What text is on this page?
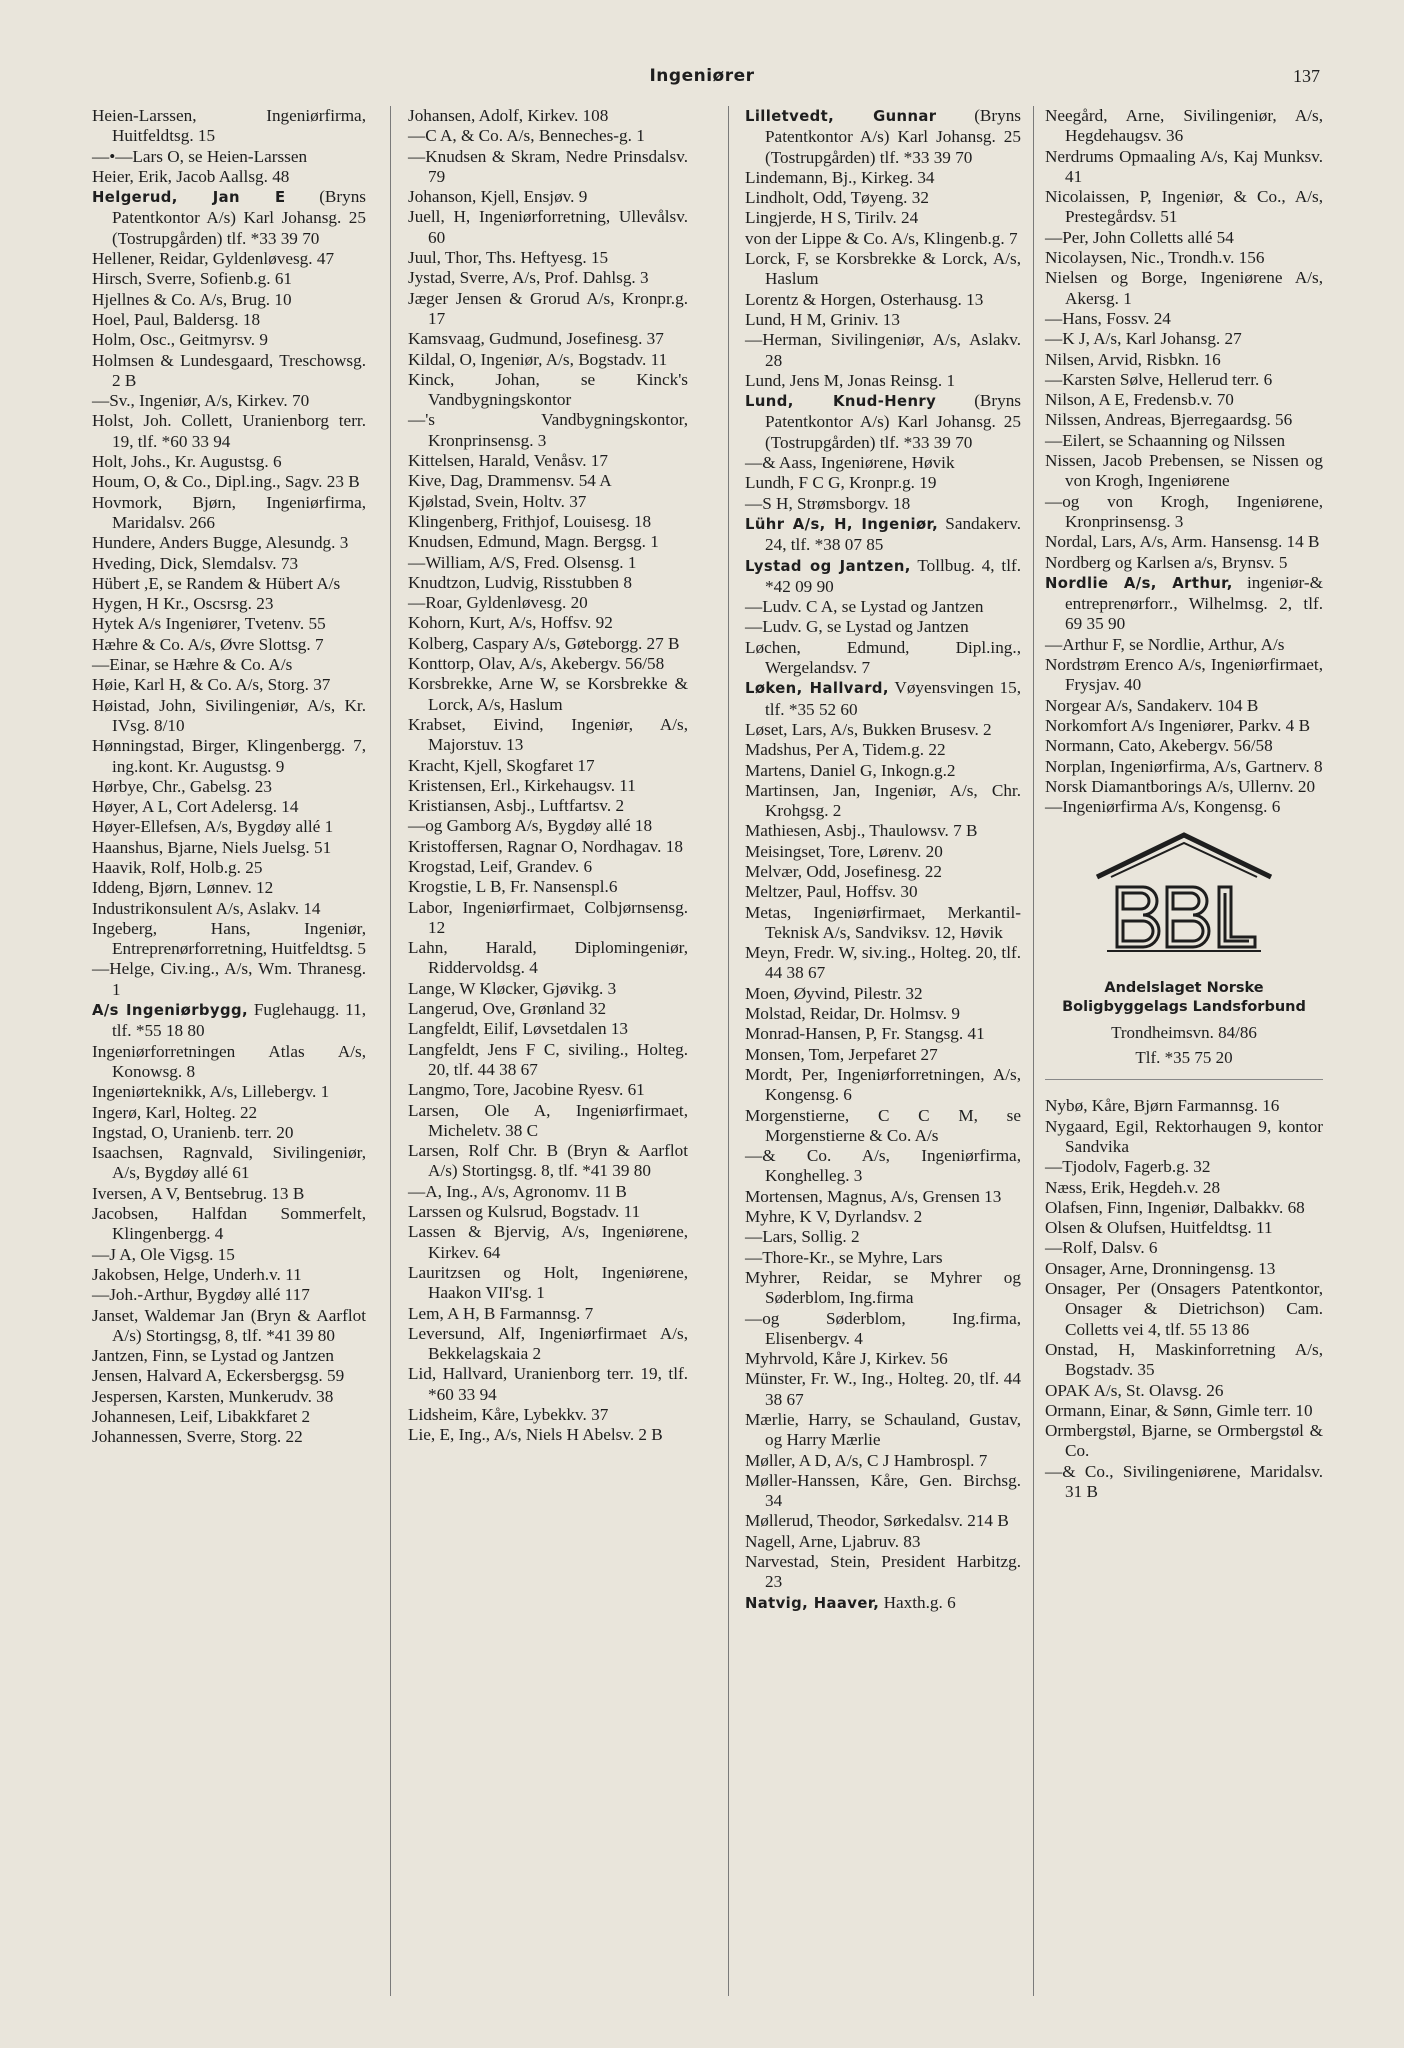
Ingeniører	137
Heien-Larssen, Ingeniørfirma, Huitfeldtsg. 15
—•—Lars O, se Heien-Larssen
Heier, Erik, Jacob Aallsg. 48
Helgerud, Jan E (Bryns Patentkontor A/s) Karl Johansg. 25 (Tostrupgården) tlf. *33 39 70
Hellener, Reidar, Gyldenløvesg. 47
Hirsch, Sverre, Sofienb.g. 61
Hjellnes & Co. A/s, Brug. 10
Hoel, Paul, Baldersg. 18
Holm, Osc., Geitmyrsv. 9
Holmsen & Lundesgaard, Treschowsg. 2 B
—Sv., Ingeniør, A/s, Kirkev. 70
Holst, Joh. Collett, Uranienborg terr. 19, tlf. *60 33 94
Holt, Johs., Kr. Augustsg. 6
Houm, O, & Co., Dipl.ing., Sagv. 23 B
Hovmork, Bjørn, Ingeniørfirma, Maridalsv. 266
Hundere, Anders Bugge, Alesundg. 3
Hveding, Dick, Slemdalsv. 73
Hübert ,E, se Randem & Hübert A/s
Hygen, H Kr., Oscsrsg. 23
Hytek A/s Ingeniører, Tvetenv. 55
Hæhre & Co. A/s, Øvre Slottsg. 7
—Einar, se Hæhre & Co. A/s
Høie, Karl H, & Co. A/s, Storg. 37
Høistad, John, Sivilingeniør, A/s, Kr. IVsg. 8/10
Hønningstad, Birger, Klingenbergg. 7, ing.kont. Kr. Augustsg. 9
Hørbye, Chr., Gabelsg. 23
Høyer, A L, Cort Adelersg. 14
Høyer-Ellefsen, A/s, Bygdøy allé 1
Haanshus, Bjarne, Niels Juelsg. 51
Haavik, Rolf, Holb.g. 25
Iddeng, Bjørn, Lønnev. 12
Industrikonsulent A/s, Aslakv. 14
Ingeberg, Hans, Ingeniør, Entreprenørforretning, Huitfeldtsg. 5
—Helge, Civ.ing., A/s, Wm. Thranesg. 1
A/s Ingeniørbygg, Fuglehaugg. 11, tlf. *55 18 80
Ingeniørforretningen Atlas A/s, Konowsg. 8
Ingeniørteknikk, A/s, Lillebergv. 1
Ingerø, Karl, Holteg. 22
Ingstad, O, Uranienb. terr. 20
Isaachsen, Ragnvald, Sivilingeniør, A/s, Bygdøy allé 61
Iversen, A V, Bentsebrug. 13 B
Jacobsen, Halfdan Sommerfelt, Klingenbergg. 4
—J A, Ole Vigsg. 15
Jakobsen, Helge, Underh.v. 11
—Joh.-Arthur, Bygdøy allé 117
Janset, Waldemar Jan (Bryn & Aarflot A/s) Stortingsg, 8, tlf. *41 39 80
Jantzen, Finn, se Lystad og Jantzen
Jensen, Halvard A, Eckersbergsg. 59
Jespersen, Karsten, Munkerudv. 38
Johannesen, Leif, Libakkfaret 2
Johannessen, Sverre, Storg. 22
Johansen, Adolf, Kirkev. 108
—C A, & Co. A/s, Benneches-g. 1
—Knudsen & Skram, Nedre Prinsdalsv. 79
Johanson, Kjell, Ensjøv. 9
Juell, H, Ingeniørforretning, Ullevålsv. 60
Juul, Thor, Ths. Heftyesg. 15
Jystad, Sverre, A/s, Prof. Dahlsg. 3
Jæger Jensen & Grorud A/s, Kronpr.g. 17
Kamsvaag, Gudmund, Josefinesg. 37
Kildal, O, Ingeniør, A/s, Bogstadv. 11
Kinck, Johan, se Kinck's Vandbygningskontor
—'s Vandbygningskontor, Kronprinsensg. 3
Kittelsen, Harald, Venåsv. 17
Kive, Dag, Drammensv. 54 A
Kjølstad, Svein, Holtv. 37
Klingenberg, Frithjof, Louisesg. 18
Knudsen, Edmund, Magn. Bergsg. 1
—William, A/S, Fred. Olsensg. 1
Knudtzon, Ludvig, Risstubben 8
—Roar, Gyldenløvesg. 20
Kohorn, Kurt, A/s, Hoffsv. 92
Kolberg, Caspary A/s, Gøteborgg. 27 B
Konttorp, Olav, A/s, Akebergv. 56/58
Korsbrekke, Arne W, se Korsbrekke & Lorck, A/s, Haslum
Krabset, Eivind, Ingeniør, A/s, Majorstuv. 13
Kracht, Kjell, Skogfaret 17
Kristensen, Erl., Kirkehaugsv. 11
Kristiansen, Asbj., Luftfartsv. 2
—og Gamborg A/s, Bygdøy allé 18
Kristoffersen, Ragnar O, Nordhagav. 18
Krogstad, Leif, Grandev. 6
Krogstie, L B, Fr. Nansenspl.6
Labor, Ingeniørfirmaet, Colbjørnsensg. 12
Lahn, Harald, Diplomingeniør, Riddervoldsg. 4
Lange, W Kløcker, Gjøvikg. 3
Langerud, Ove, Grønland 32
Langfeldt, Eilif, Løvsetdalen 13
Langfeldt, Jens F C, siviling., Holteg. 20, tlf. 44 38 67
Langmo, Tore, Jacobine Ryesv. 61
Larsen, Ole A, Ingeniørfirmaet, Micheletv. 38 C
Larsen, Rolf Chr. B (Bryn & Aarflot A/s) Stortingsg. 8, tlf. *41 39 80
—A, Ing., A/s, Agronomv. 11 B
Larssen og Kulsrud, Bogstadv. 11
Lassen & Bjervig, A/s, Ingeniørene, Kirkev. 64
Lauritzsen og Holt, Ingeniørene, Haakon VII'sg. 1
Lem, A H, B Farmannsg. 7
Leversund, Alf, Ingeniørfirmaet A/s, Bekkelagskaia 2
Lid, Hallvard, Uranienborg terr. 19, tlf. *60 33 94
Lidsheim, Kåre, Lybekkv. 37
Lie, E, Ing., A/s, Niels H Abelsv. 2 B
Lilletvedt, Gunnar (Bryns Patentkontor A/s) Karl Johansg. 25 (Tostrupgården) tlf. *33 39 70
Lindemann, Bj., Kirkeg. 34
Lindholt, Odd, Tøyeng. 32
Lingjerde, H S, Tirilv. 24
von der Lippe & Co. A/s, Klingenb.g. 7
Lorck, F, se Korsbrekke & Lorck, A/s, Haslum
Lorentz & Horgen, Osterhausg. 13
Lund, H M, Griniv. 13
—Herman, Sivilingeniør, A/s, Aslakv. 28
Lund, Jens M, Jonas Reinsg. 1
Lund, Knud-Henry (Bryns Patentkontor A/s) Karl Johansg. 25 (Tostrupgården) tlf. *33 39 70
—& Aass, Ingeniørene, Høvik
Lundh, F C G, Kronpr.g. 19
—S H, Strømsborgv. 18
Lühr A/s, H, Ingeniør, Sandakerv. 24, tlf. *38 07 85
Lystad og Jantzen, Tollbug. 4, tlf. *42 09 90
—Ludv. C A, se Lystad og Jantzen
—Ludv. G, se Lystad og Jantzen
Løchen, Edmund, Dipl.ing., Wergelandsv. 7
Løken, Hallvard, Vøyensvingen 15, tlf. *35 52 60
Løset, Lars, A/s, Bukken Brusesv. 2
Madshus, Per A, Tidem.g. 22
Martens, Daniel G, Inkogn.g.2
Martinsen, Jan, Ingeniør, A/s, Chr. Krohgsg. 2
Mathiesen, Asbj., Thaulowsv. 7 B
Meisingset, Tore, Lørenv. 20
Melvær, Odd, Josefinesg. 22
Meltzer, Paul, Hoffsv. 30
Metas, Ingeniørfirmaet, Merkantil-Teknisk A/s, Sandviksv. 12, Høvik
Meyn, Fredr. W, siv.ing., Holteg. 20, tlf. 44 38 67
Moen, Øyvind, Pilestr. 32
Molstad, Reidar, Dr. Holmsv. 9
Monrad-Hansen, P, Fr. Stangsg. 41
Monsen, Tom, Jerpefaret 27
Mordt, Per, Ingeniørforretningen, A/s, Kongensg. 6
Morgenstierne, C C M, se Morgenstierne & Co. A/s
—& Co. A/s, Ingeniørfirma, Konghelleg. 3
Mortensen, Magnus, A/s, Grensen 13
Myhre, K V, Dyrlandsv. 2
—Lars, Sollig. 2
—Thore-Kr., se Myhre, Lars
Myhrer, Reidar, se Myhrer og Søderblom, Ing.firma
—og Søderblom, Ing.firma, Elisenbergv. 4
Myhrvold, Kåre J, Kirkev. 56
Münster, Fr. W., Ing., Holteg. 20, tlf. 44 38 67
Mærlie, Harry, se Schauland, Gustav, og Harry Mærlie
Møller, A D, A/s, C J Hambrospl. 7
Møller-Hanssen, Kåre, Gen. Birchsg. 34
Møllerud, Theodor, Sørkedalsv. 214 B
Nagell, Arne, Ljabruv. 83
Narvestad, Stein, President Harbitzg. 23
Natvig, Haaver, Haxth.g. 6
Neegård, Arne, Sivilingeniør, A/s, Hegdehaugsv. 36
Nerdrums Opmaaling A/s, Kaj Munksv. 41
Nicolaissen, P, Ingeniør, & Co., A/s, Prestegårdsv. 51
—Per, John Colletts allé 54
Nicolaysen, Nic., Trondh.v. 156
Nielsen og Borge, Ingeniørene A/s, Akersg. 1
—Hans, Fossv. 24
—K J, A/s, Karl Johansg. 27
Nilsen, Arvid, Risbkn. 16
—Karsten Sølve, Hellerud terr. 6
Nilson, A E, Fredensb.v. 70
Nilssen, Andreas, Bjerregaardsg. 56
—Eilert, se Schaanning og Nilssen
Nissen, Jacob Prebensen, se Nissen og von Krogh, Ingeniørene
—og von Krogh, Ingeniørene, Kronprinsensg. 3
Nordal, Lars, A/s, Arm. Hansensg. 14 B
Nordberg og Karlsen a/s, Brynsv. 5
Nordlie A/s, Arthur, ingeniør-& entreprenørforr., Wilhelmsg. 2, tlf. 69 35 90
—Arthur F, se Nordlie, Arthur, A/s
Nordstrøm Erenco A/s, Ingeniørfirmaet, Frysjav. 40
Norgear A/s, Sandakerv. 104 B
Norkomfort A/s Ingeniører, Parkv. 4 B
Normann, Cato, Akebergv. 56/58
Norplan, Ingeniørfirma, A/s, Gartnerv. 8
Norsk Diamantborings A/s, Ullernv. 20
—Ingeniørfirma A/s, Kongensg. 6
Andelslaget Norske Boligbyggelags Landsforbund
Trondheimsvn. 84/86
Tlf. *35 75 20
Nybø, Kåre, Bjørn Farmannsg. 16
Nygaard, Egil, Rektorhaugen 9, kontor Sandvika
—Tjodolv, Fagerb.g. 32
Næss, Erik, Hegdeh.v. 28
Olafsen, Finn, Ingeniør, Dalbakkv. 68
Olsen & Olufsen, Huitfeldtsg. 11
—Rolf, Dalsv. 6
Onsager, Arne, Dronningensg. 13
Onsager, Per (Onsagers Patentkontor, Onsager & Dietrichson) Cam. Colletts vei 4, tlf. 55 13 86
Onstad, H, Maskinforretning A/s, Bogstadv. 35
OPAK A/s, St. Olavsg. 26
Ormann, Einar, & Sønn, Gimle terr. 10
Ormbergstøl, Bjarne, se Ormbergstøl & Co.
—& Co., Sivilingeniørene, Maridalsv. 31 B
